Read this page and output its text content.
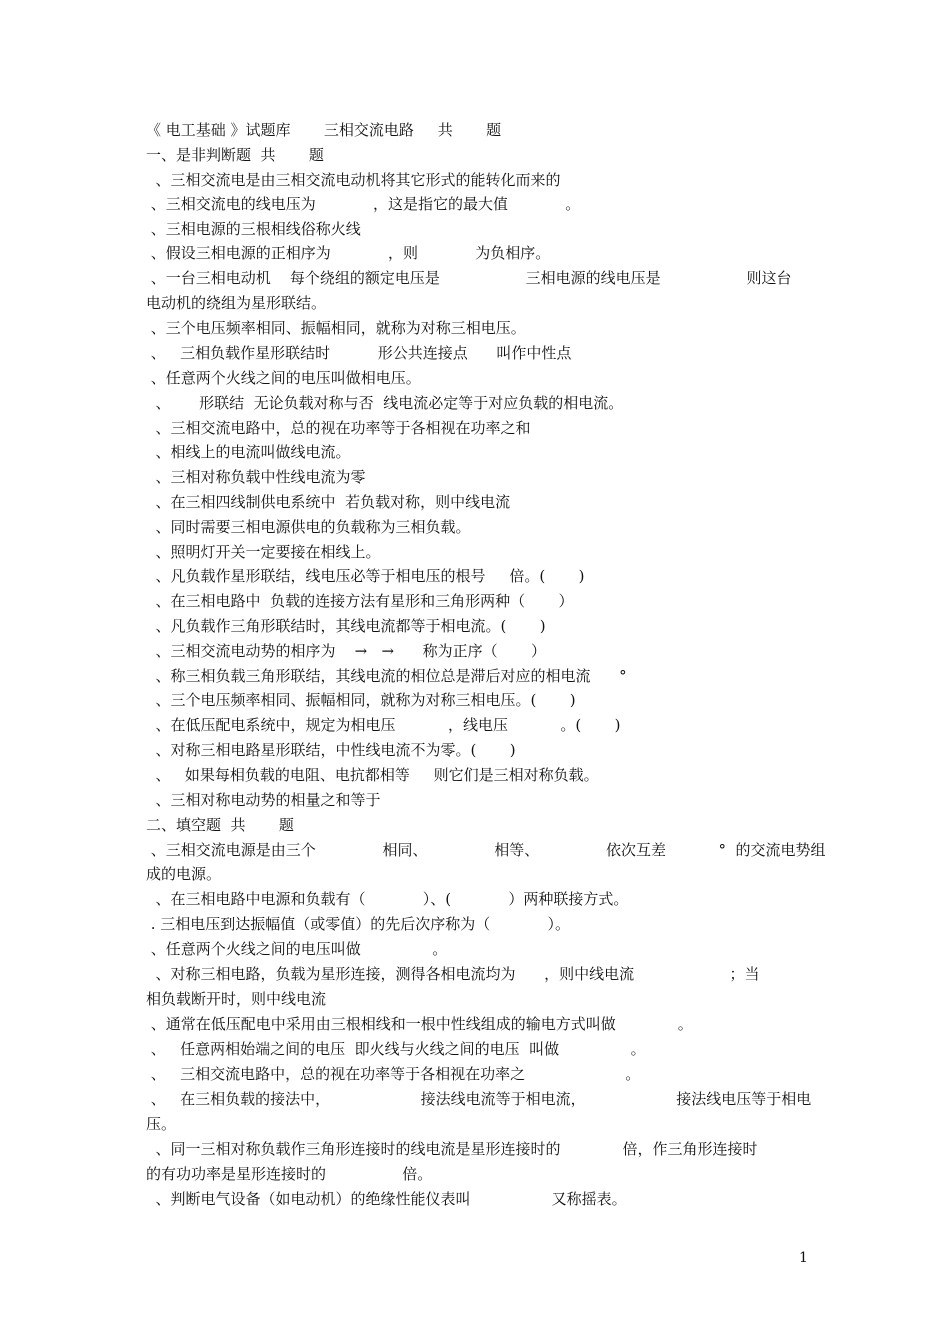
《 电工基础 》试题库       三相交流电路     共       题
一、是非判断题  共       题
、三相交流电是由三相交流电动机将其它形式的能转化而来的
、三相交流电的线电压为            ，这是指它的最大值            。
、三相电源的三根相线俗称火线
、假设三相电源的正相序为            ，则            为负相序。
、一台三相电动机    每个绕组的额定电压是                  三相电源的线电压是                  则这台
电动机的绕组为星形联结。
、三个电压频率相同、振幅相同，就称为对称三相电压。
、   三相负载作星形联结时          形公共连接点      叫作中性点
、任意两个火线之间的电压叫做相电压。
、      形联结  无论负载对称与否  线电流必定等于对应负载的相电流。
、三相交流电路中，总的视在功率等于各相视在功率之和
、相线上的电流叫做线电流。
、三相对称负载中性线电流为零
、在三相四线制供电系统中  若负载对称，则中线电流
、同时需要三相电源供电的负载称为三相负载。
、照明灯开关一定要接在相线上。
、凡负载作星形联结，线电压必等于相电压的根号     倍。(       )
、在三相电路中  负载的连接方法有星形和三角形两种（       ）
、凡负载作三角形联结时，其线电流都等于相电流。(       )
、三相交流电动势的相序为    →   →      称为正序（       ）
、称三相负载三角形联结，其线电流的相位总是滞后对应的相电流      °
、三个电压频率相同、振幅相同，就称为对称三相电压。(       )
、在低压配电系统中，规定为相电压           ，线电压           。(       )
、对称三相电路星形联结，中性线电流不为零。(       )
、   如果每相负载的电阻、电抗都相等     则它们是三相对称负载。
、三相对称电动势的相量之和等于
二、填空题  共       题
、三相交流电源是由三个              相同、              相等、              依次互差           °  的交流电势组
成的电源。
、在三相电路中电源和负载有（            ）、(            ）两种联接方式。
. 三相电压到达振幅值（或零值）的先后次序称为（            ）。
、任意两个火线之间的电压叫做               。
、对称三相电路，负载为星形连接，测得各相电流均为      ，则中线电流                    ；当
相负载断开时，则中线电流
、通常在低压配电中采用由三根相线和一根中性线组成的输电方式叫做             。
、   任意两相始端之间的电压  即火线与火线之间的电压  叫做               。
、   三相交流电路中，总的视在功率等于各相视在功率之                     。
、   在三相负载的接法中，                   接法线电流等于相电流，                   接法线电压等于相电
压。
、同一三相对称负载作三角形连接时的线电流是星形连接时的             倍，作三角形连接时
的有功功率是星形连接时的                倍。
、判断电气设备（如电动机）的绝缘性能仪表叫                 又称摇表。
1
